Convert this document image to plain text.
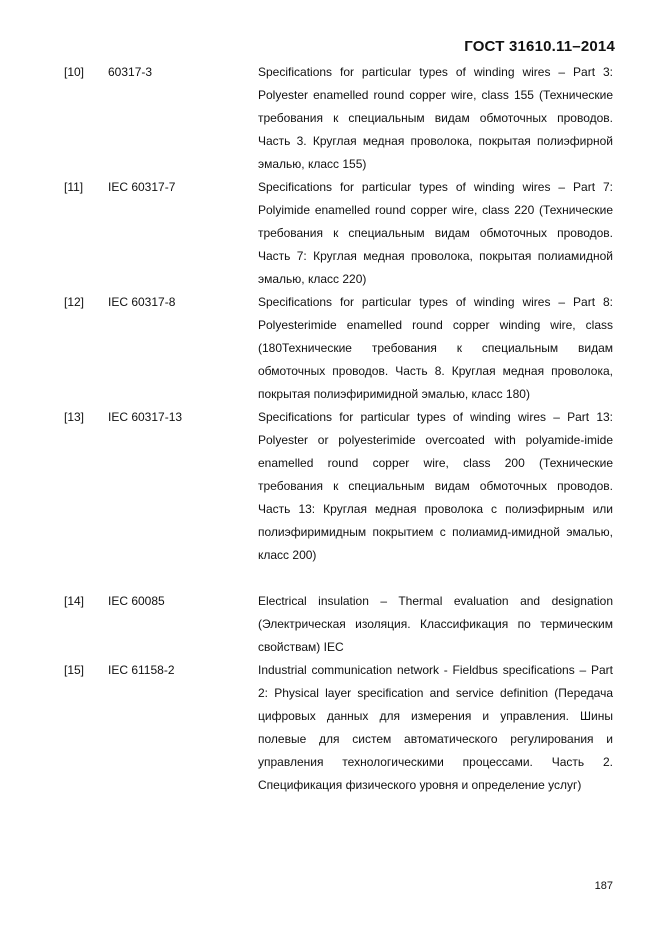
ГОСТ 31610.11–2014
[10]	60317-3	Specifications for particular types of winding wires – Part 3: Polyester enamelled round copper wire, class 155 (Технические требования к специальным видам обмоточных проводов. Часть 3. Круглая медная проволока, покрытая полиэфирной эмалью, класс 155)
[11]	IEC 60317-7	Specifications for particular types of winding wires – Part 7: Polyimide enamelled round copper wire, class 220 (Технические требования к специальным видам обмоточных проводов. Часть 7: Круглая медная проволока, покрытая полиамидной эмалью, класс 220)
[12]	IEC 60317-8	Specifications for particular types of winding wires – Part 8: Polyesterimide enamelled round copper winding wire, class (180Технические требования к специальным видам обмоточных проводов. Часть 8. Круглая медная проволока, покрытая полиэфиримидной эмалью, класс 180)
[13]	IEC 60317-13	Specifications for particular types of winding wires – Part 13: Polyester or polyesterimide overcoated with polyamide-imide enamelled round copper wire, class 200 (Технические требования к специальным видам обмоточных проводов. Часть 13: Круглая медная проволока с полиэфирным или полиэфиримидным покрытием с полиамид-имидной эмалью, класс 200)
[14]	IEC 60085	Electrical insulation – Thermal evaluation and designation (Электрическая изоляция. Классификация по термическим свойствам) IEC
[15]	IEC 61158-2	Industrial communication network - Fieldbus specifications – Part 2: Physical layer specification and service definition (Передача цифровых данных для измерения и управления. Шины полевые для систем автоматического регулирования и управления технологическими процессами. Часть 2. Спецификация физического уровня и определение услуг)
187
